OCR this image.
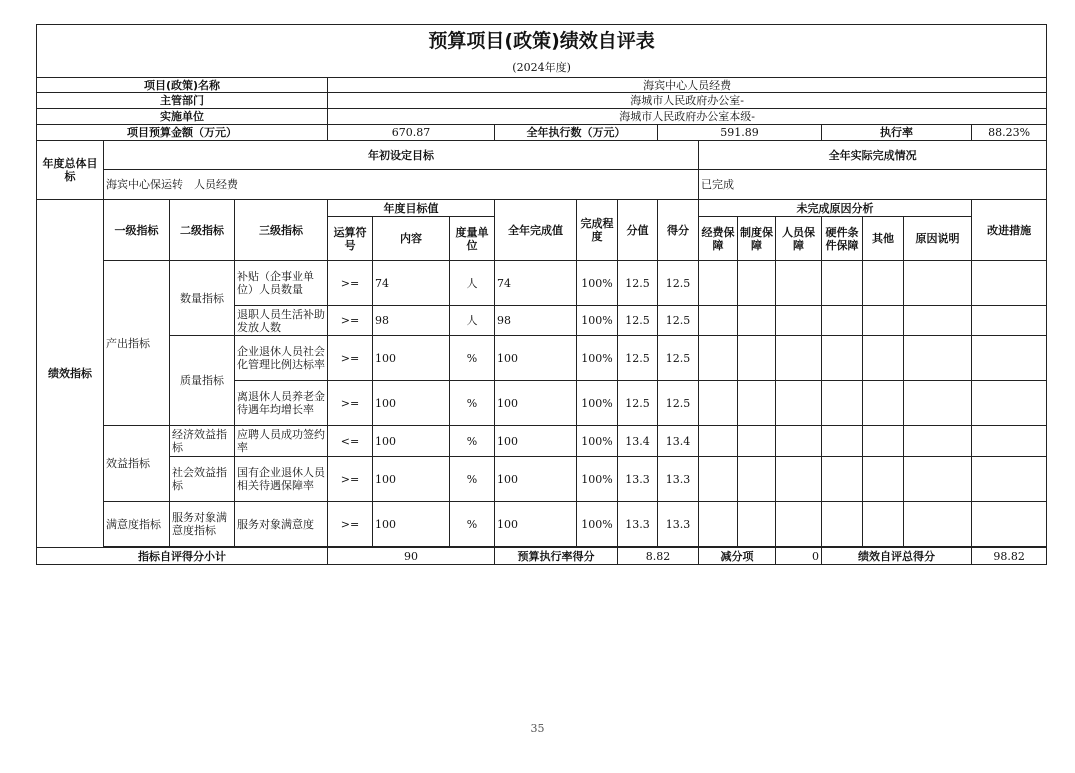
预算项目(政策)绩效自评表																	
(2024年度)																	
项目(政策)名称				海宾中心人员经费													
主管部门				海城市人民政府办公室-													
实施单位				海城市人民政府办公室本级-													
项目预算金额（万元）				670.87			全年执行数（万元）			591.89				执行率			88.23%
年度总体目标	年初设定目标										全年实际完成情况						
	海宾中心保运转　人员经费										已完成						
绩效指标	一级指标	二级指标	三级指标	年度目标值			全年完成值	完成程度	分值	得分	未完成原因分析						改进措施
				运算符号	内容	度量单位					经费保障	制度保障	人员保障	硬件条件保障	其他	原因说明	
	产出指标	数量指标	补贴（企事业单位）人员数量	>=	74	人	74	100%	12.5	12.5							
			退职人员生活补助发放人数	>=	98	人	98	100%	12.5	12.5							
		质量指标	企业退休人员社会化管理比例达标率	>=	100	%	100	100%	12.5	12.5							
			离退休人员养老金待遇年均增长率	>=	100	%	100	100%	12.5	12.5							
	效益指标	经济效益指标	应聘人员成功签约率	<=	100	%	100	100%	13.4	13.4							
		社会效益指标	国有企业退休人员相关待遇保障率	>=	100	%	100	100%	13.3	13.3							
	满意度指标	服务对象满意度指标	服务对象满意度	>=	100	%	100	100%	13.3	13.3							

指标自评得分小计				90			预算执行率得分		8.82		减分项		0	绩效自评总得分			98.82
35
